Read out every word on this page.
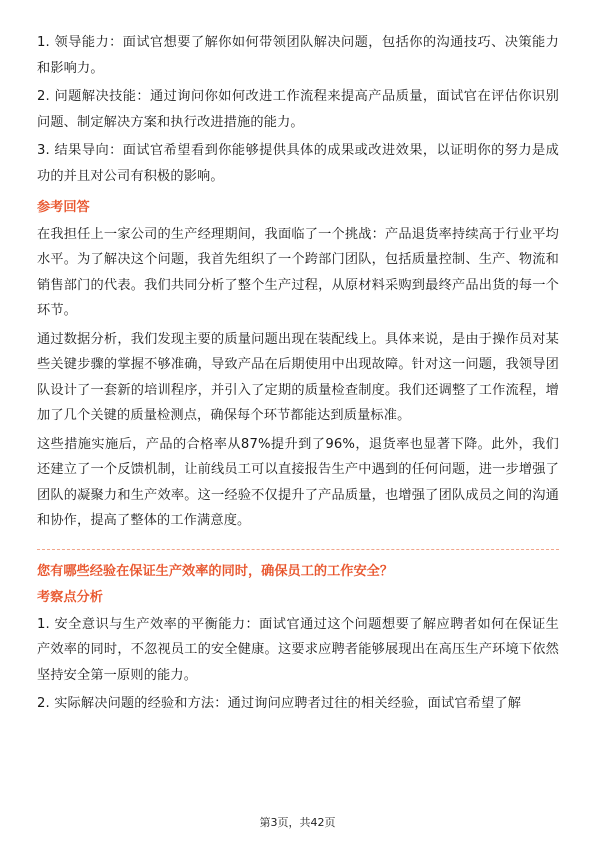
1. 领导能力：面试官想要了解你如何带领团队解决问题，包括你的沟通技巧、决策能力和影响力。

2. 问题解决技能：通过询问你如何改进工作流程来提高产品质量，面试官在评估你识别问题、制定解决方案和执行改进措施的能力。

3. 结果导向：面试官希望看到你能够提供具体的成果或改进效果，以证明你的努力是成功的并且对公司有积极的影响。

参考回答

在我担任上一家公司的生产经理期间，我面临了一个挑战：产品退货率持续高于行业平均水平。为了解决这个问题，我首先组织了一个跨部门团队，包括质量控制、生产、物流和销售部门的代表。我们共同分析了整个生产过程，从原材料采购到最终产品出货的每一个环节。

通过数据分析，我们发现主要的质量问题出现在装配线上。具体来说，是由于操作员对某些关键步骤的掌握不够准确，导致产品在后期使用中出现故障。针对这一问题，我领导团队设计了一套新的培训程序，并引入了定期的质量检查制度。我们还调整了工作流程，增加了几个关键的质量检测点，确保每个环节都能达到质量标准。

这些措施实施后，产品的合格率从87%提升到了96%，退货率也显著下降。此外，我们还建立了一个反馈机制，让前线员工可以直接报告生产中遇到的任何问题，进一步增强了团队的凝聚力和生产效率。这一经验不仅提升了产品质量，也增强了团队成员之间的沟通和协作，提高了整体的工作满意度。

您有哪些经验在保证生产效率的同时，确保员工的工作安全？
考察点分析

1. 安全意识与生产效率的平衡能力：面试官通过这个问题想要了解应聘者如何在保证生产效率的同时，不忽视员工的安全健康。这要求应聘者能够展现出在高压生产环境下依然坚持安全第一原则的能力。

2. 实际解决问题的经验和方法：通过询问应聘者过往的相关经验，面试官希望了解

第3页，共42页
